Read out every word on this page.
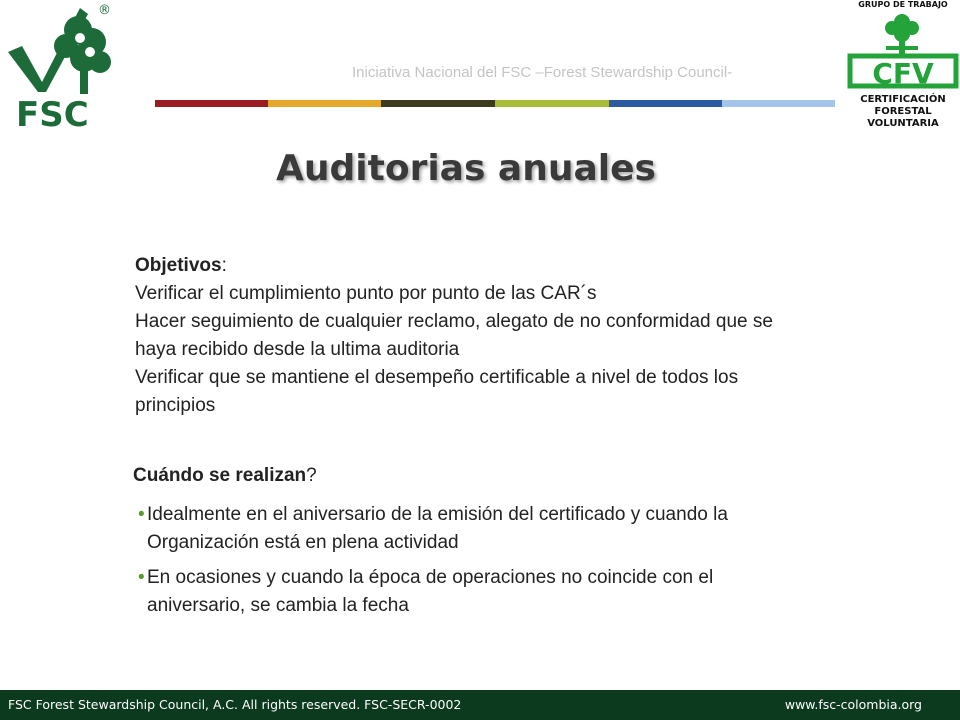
FSC
®
Iniciativa Nacional del FSC –Forest Stewardship Council-
GRUPO DE TRABAJO
CFV
CERTIFICACIÓN
FORESTAL
VOLUNTARIA
Auditorias anuales
Objetivos:
Verificar el cumplimiento punto por punto de las CAR´s
Hacer seguimiento de cualquier reclamo, alegato de no conformidad que se haya recibido desde la ultima auditoria
Verificar que se mantiene el desempeño certificable a nivel de todos los principios
Cuándo se realizan?
• Idealmente en el aniversario de la emisión del certificado y cuando la Organización está en plena actividad
• En ocasiones y cuando la época de operaciones no coincide con el aniversario, se cambia la fecha
FSC Forest Stewardship Council, A.C. All rights reserved. FSC-SECR-0002	www.fsc-colombia.org
